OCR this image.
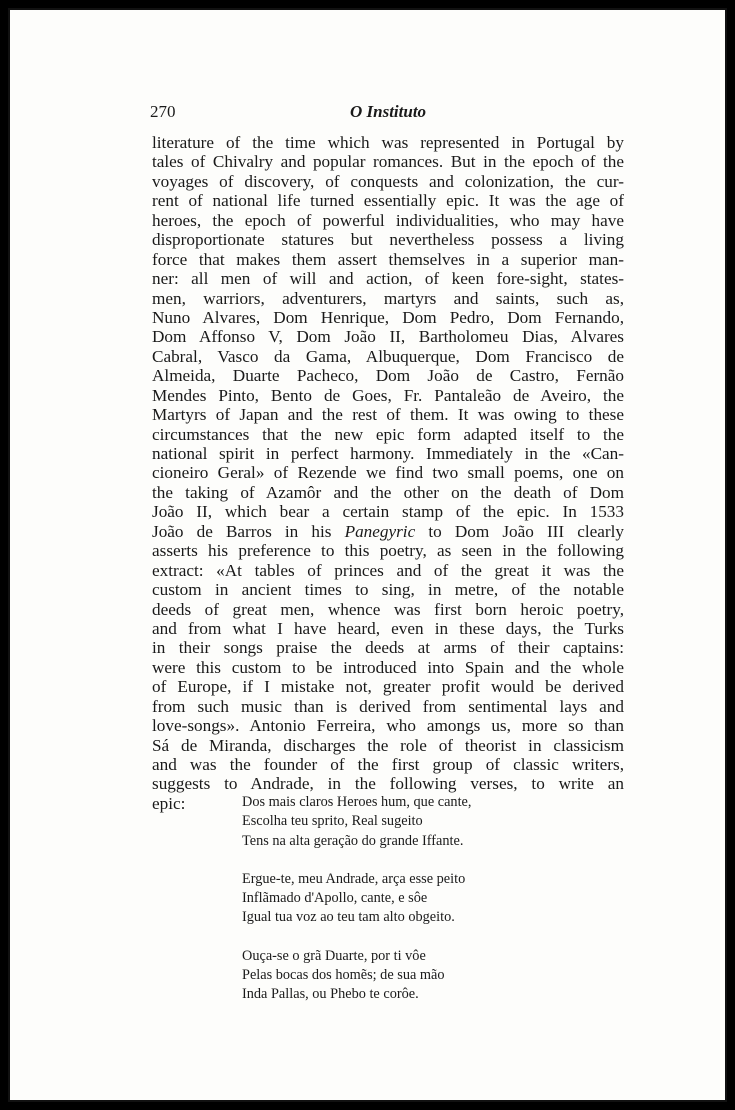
270	O Instituto
literature of the time which was represented in Portugal by
tales of Chivalry and popular romances. But in the epoch of the
voyages of discovery, of conquests and colonization, the cur-
rent of national life turned essentially epic. It was the age of
heroes, the epoch of powerful individualities, who may have
disproportionate statures but nevertheless possess a living
force that makes them assert themselves in a superior man-
ner: all men of will and action, of keen fore-sight, states-
men, warriors, adventurers, martyrs and saints, such as,
Nuno Alvares, Dom Henrique, Dom Pedro, Dom Fernando,
Dom Affonso V, Dom João II, Bartholomeu Dias, Alvares
Cabral, Vasco da Gama, Albuquerque, Dom Francisco de
Almeida, Duarte Pacheco, Dom João de Castro, Fernão
Mendes Pinto, Bento de Goes, Fr. Pantaleão de Aveiro, the
Martyrs of Japan and the rest of them. It was owing to these
circumstances that the new epic form adapted itself to the
national spirit in perfect harmony. Immediately in the «Can-
cioneiro Geral» of Rezende we find two small poems, one on
the taking of Azamôr and the other on the death of Dom
João II, which bear a certain stamp of the epic. In 1533
João de Barros in his Panegyric to Dom João III clearly
asserts his preference to this poetry, as seen in the following
extract: «At tables of princes and of the great it was the
custom in ancient times to sing, in metre, of the notable
deeds of great men, whence was first born heroic poetry,
and from what I have heard, even in these days, the Turks
in their songs praise the deeds at arms of their captains:
were this custom to be introduced into Spain and the whole
of Europe, if I mistake not, greater profit would be derived
from such music than is derived from sentimental lays and
love-songs». Antonio Ferreira, who amongs us, more so than
Sá de Miranda, discharges the role of theorist in classicism
and was the founder of the first group of classic writers,
suggests to Andrade, in the following verses, to write an
epic:	Dos mais claros Heroes hum, que cante,
Escolha teu sprito, Real sugeito
Tens na alta geração do grande Iffante.
Ergue-te, meu Andrade, arça esse peito
Inflãmado d'Apollo, cante, e sôe
Igual tua voz ao teu tam alto obgeito.
Ouça-se o grã Duarte, por ti vôe
Pelas bocas dos homẽs; de sua mão
Inda Pallas, ou Phebo te corôe.
